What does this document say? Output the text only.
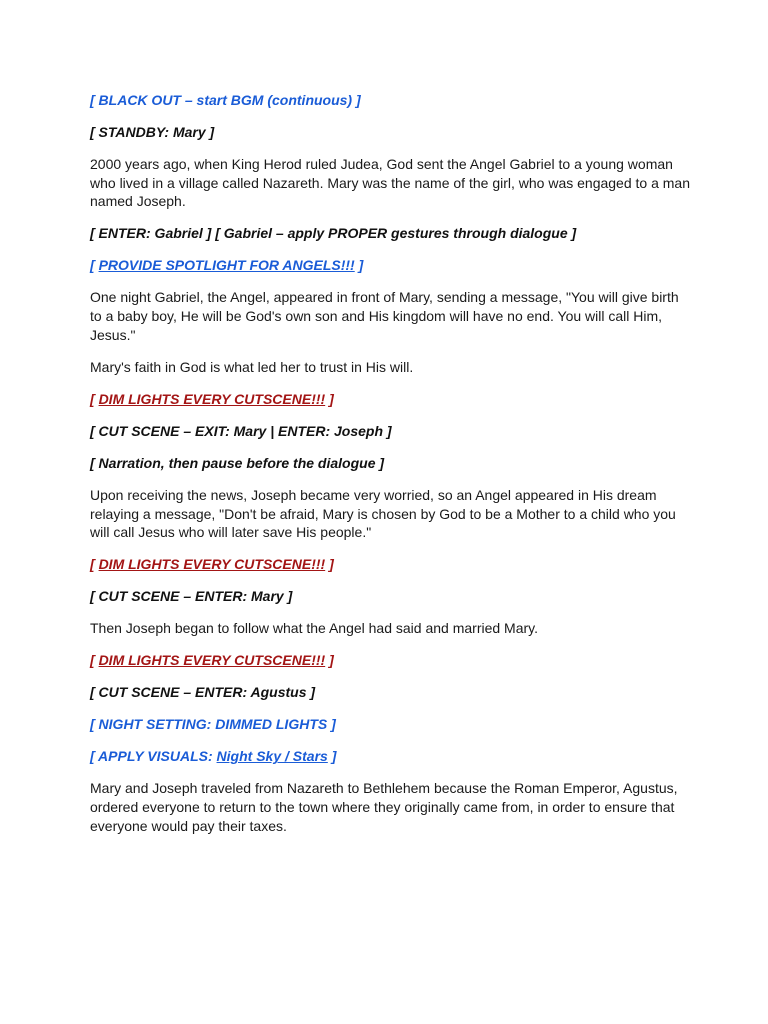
[ BLACK OUT – start BGM (continuous) ]

[ STANDBY: Mary ]

2000 years ago, when King Herod ruled Judea, God sent the Angel Gabriel to a young woman who lived in a village called Nazareth. Mary was the name of the girl, who was engaged to a man named Joseph.

[ ENTER: Gabriel ] [ Gabriel – apply PROPER gestures through dialogue ]

[ PROVIDE SPOTLIGHT FOR ANGELS!!! ]

One night Gabriel, the Angel, appeared in front of Mary, sending a message, "You will give birth to a baby boy, He will be God's own son and His kingdom will have no end. You will call Him, Jesus."

Mary's faith in God is what led her to trust in His will.

[ DIM LIGHTS EVERY CUTSCENE!!! ]

[ CUT SCENE – EXIT: Mary | ENTER: Joseph ]

[ Narration, then pause before the dialogue ]

Upon receiving the news, Joseph became very worried, so an Angel appeared in His dream relaying a message, "Don't be afraid, Mary is chosen by God to be a Mother to a child who you will call Jesus who will later save His people."

[ DIM LIGHTS EVERY CUTSCENE!!! ]

[ CUT SCENE – ENTER: Mary ]

Then Joseph began to follow what the Angel had said and married Mary.

[ DIM LIGHTS EVERY CUTSCENE!!! ]

[ CUT SCENE – ENTER: Agustus ]

[ NIGHT SETTING: DIMMED LIGHTS ]

[ APPLY VISUALS: Night Sky / Stars ]

Mary and Joseph traveled from Nazareth to Bethlehem because the Roman Emperor, Agustus, ordered everyone to return to the town where they originally came from, in order to ensure that everyone would pay their taxes.
